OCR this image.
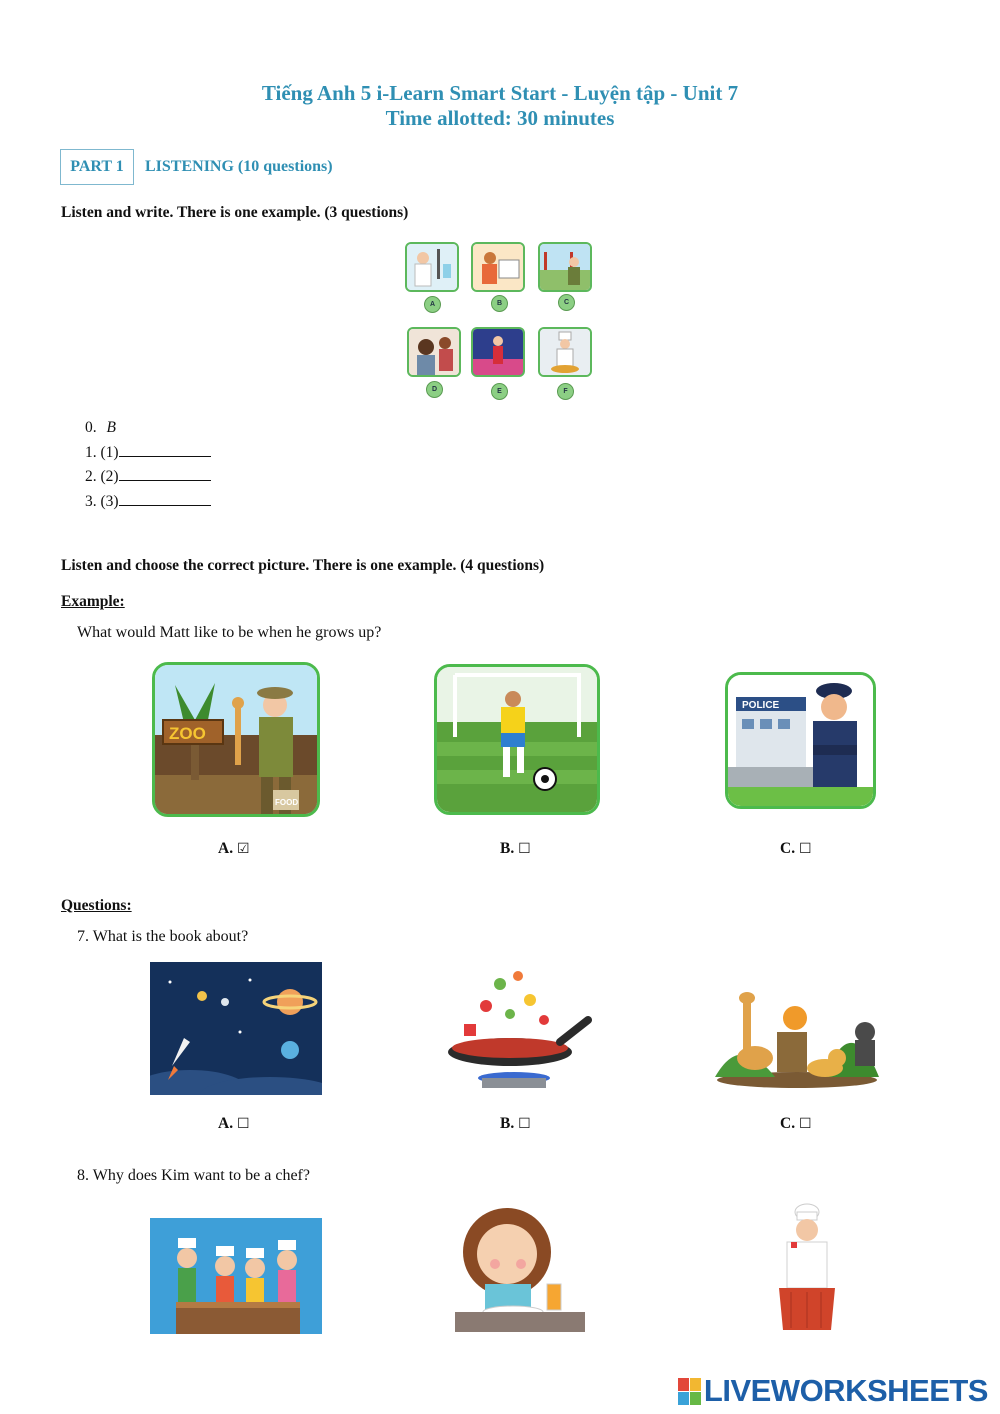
Tiếng Anh 5 i-Learn Smart Start - Luyện tập - Unit 7
Time allotted: 30 minutes
PART 1	LISTENING (10 questions)
Listen and write. There is one example. (3 questions)
A	B	C
D	E	F
0. B
1. (1)
2. (2)
3. (3)
Listen and choose the correct picture. There is one example. (4 questions)
Example:
What would Matt like to be when he grows up?
ZOO
FOOD
POLICE
A. ☑	B. ☐	C. ☐
Questions:
7. What is the book about?
A. ☐	B. ☐	C. ☐
8. Why does Kim want to be a chef?
LIVEWORKSHEETS
